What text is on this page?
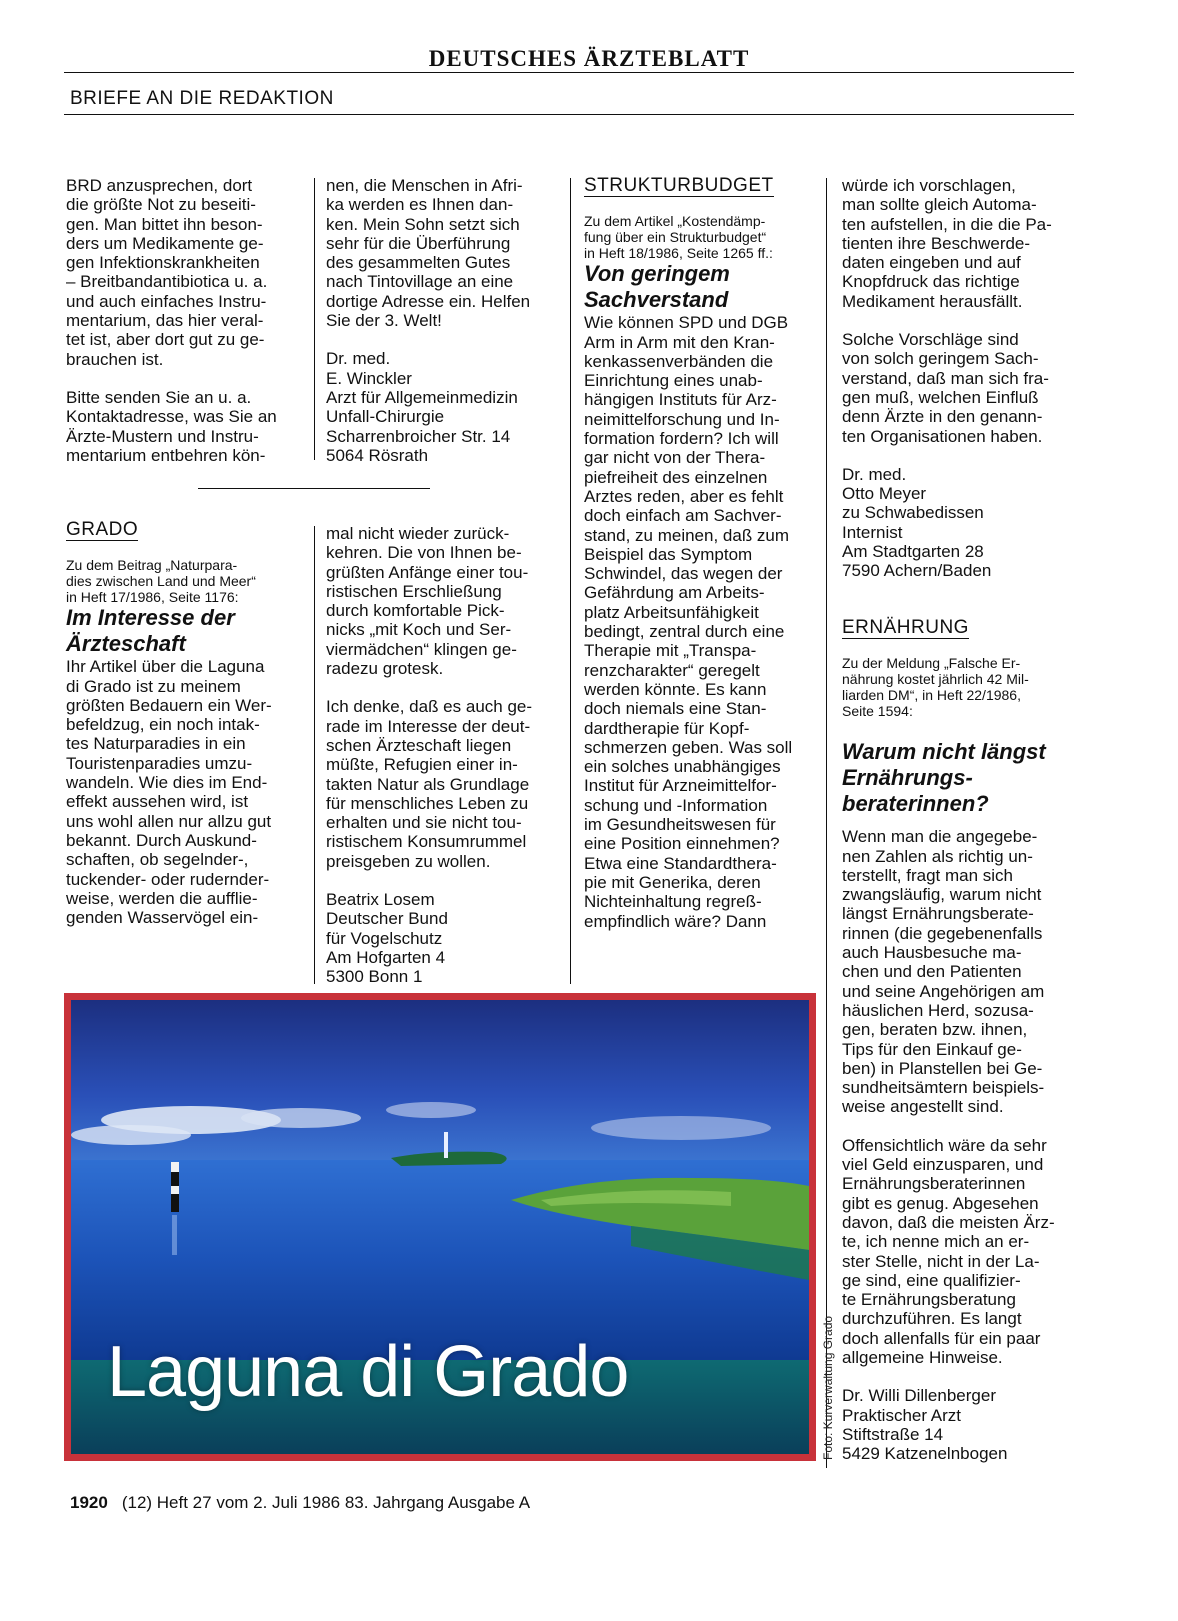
DEUTSCHES ÄRZTEBLATT
BRIEFE AN DIE REDAKTION

BRD anzusprechen, dort
die größte Not zu beseiti-
gen. Man bittet ihn beson-
ders um Medikamente ge-
gen Infektionskrankheiten
– Breitbandantibiotica u. a.
und auch einfaches Instru-
mentarium, das hier veral-
tet ist, aber dort gut zu ge-
brauchen ist.

Bitte senden Sie an u. a.
Kontaktadresse, was Sie an
Ärzte-Mustern und Instru-
mentarium entbehren kön-

nen, die Menschen in Afri-
ka werden es Ihnen dan-
ken. Mein Sohn setzt sich
sehr für die Überführung
des gesammelten Gutes
nach Tintovillage an eine
dortige Adresse ein. Helfen
Sie der 3. Welt!

Dr. med.
E. Winckler
Arzt für Allgemeinmedizin
Unfall-Chirurgie
Scharrenbroicher Str. 14
5064 Rösrath

GRADO

Zu dem Beitrag „Naturpara-
dies zwischen Land und Meer“
in Heft 17/1986, Seite 1176:

Im Interesse der
Ärzteschaft

Ihr Artikel über die Laguna
di Grado ist zu meinem
größten Bedauern ein Wer-
befeldzug, ein noch intak-
tes Naturparadies in ein
Touristenparadies umzu-
wandeln. Wie dies im End-
effekt aussehen wird, ist
uns wohl allen nur allzu gut
bekannt. Durch Auskund-
schaften, ob segelnder-,
tuckender- oder rudernder-
weise, werden die aufflie-
genden Wasservögel ein-

mal nicht wieder zurück-
kehren. Die von Ihnen be-
grüßten Anfänge einer tou-
ristischen Erschließung
durch komfortable Pick-
nicks „mit Koch und Ser-
viermädchen“ klingen ge-
radezu grotesk.

Ich denke, daß es auch ge-
rade im Interesse der deut-
schen Ärzteschaft liegen
müßte, Refugien einer in-
takten Natur als Grundlage
für menschliches Leben zu
erhalten und sie nicht tou-
ristischem Konsumrummel
preisgeben zu wollen.

Beatrix Losem
Deutscher Bund
für Vogelschutz
Am Hofgarten 4
5300 Bonn 1

STRUKTURBUDGET

Zu dem Artikel „Kostendämp-
fung über ein Strukturbudget“
in Heft 18/1986, Seite 1265 ff.:

Von geringem
Sachverstand

Wie können SPD und DGB
Arm in Arm mit den Kran-
kenkassenverbänden die
Einrichtung eines unab-
hängigen Instituts für Arz-
neimittelforschung und In-
formation fordern? Ich will
gar nicht von der Thera-
piefreiheit des einzelnen
Arztes reden, aber es fehlt
doch einfach am Sachver-
stand, zu meinen, daß zum
Beispiel das Symptom
Schwindel, das wegen der
Gefährdung am Arbeits-
platz Arbeitsunfähigkeit
bedingt, zentral durch eine
Therapie mit „Transpa-
renzcharakter“ geregelt
werden könnte. Es kann
doch niemals eine Stan-
dardtherapie für Kopf-
schmerzen geben. Was soll
ein solches unabhängiges
Institut für Arzneimittelfor-
schung und -Information
im Gesundheitswesen für
eine Position einnehmen?
Etwa eine Standardthera-
pie mit Generika, deren
Nichteinhaltung regreß-
empfindlich wäre? Dann

würde ich vorschlagen,
man sollte gleich Automa-
ten aufstellen, in die die Pa-
tienten ihre Beschwerde-
daten eingeben und auf
Knopfdruck das richtige
Medikament herausfällt.

Solche Vorschläge sind
von solch geringem Sach-
verstand, daß man sich fra-
gen muß, welchen Einfluß
denn Ärzte in den genann-
ten Organisationen haben.

Dr. med.
Otto Meyer
zu Schwabedissen
Internist
Am Stadtgarten 28
7590 Achern/Baden

ERNÄHRUNG

Zu der Meldung „Falsche Er-
nährung kostet jährlich 42 Mil-
liarden DM“, in Heft 22/1986,
Seite 1594:

Warum nicht längst
Ernährungs-
beraterinnen?

Wenn man die angegebe-
nen Zahlen als richtig un-
terstellt, fragt man sich
zwangsläufig, warum nicht
längst Ernährungsberate-
rinnen (die gegebenenfalls
auch Hausbesuche ma-
chen und den Patienten
und seine Angehörigen am
häuslichen Herd, sozusa-
gen, beraten bzw. ihnen,
Tips für den Einkauf ge-
ben) in Planstellen bei Ge-
sundheitsämtern beispiels-
weise angestellt sind.

Offensichtlich wäre da sehr
viel Geld einzusparen, und
Ernährungsberaterinnen
gibt es genug. Abgesehen
davon, daß die meisten Ärz-
te, ich nenne mich an er-
ster Stelle, nicht in der La-
ge sind, eine qualifizier-
te Ernährungsberatung
durchzuführen. Es langt
doch allenfalls für ein paar
allgemeine Hinweise.

Dr. Willi Dillenberger
Praktischer Arzt
Stiftstraße 14
5429 Katzenelnbogen

Laguna di Grado	Foto: Kurverwaltung Grado
1920 (12) Heft 27 vom 2. Juli 1986 83. Jahrgang Ausgabe A
